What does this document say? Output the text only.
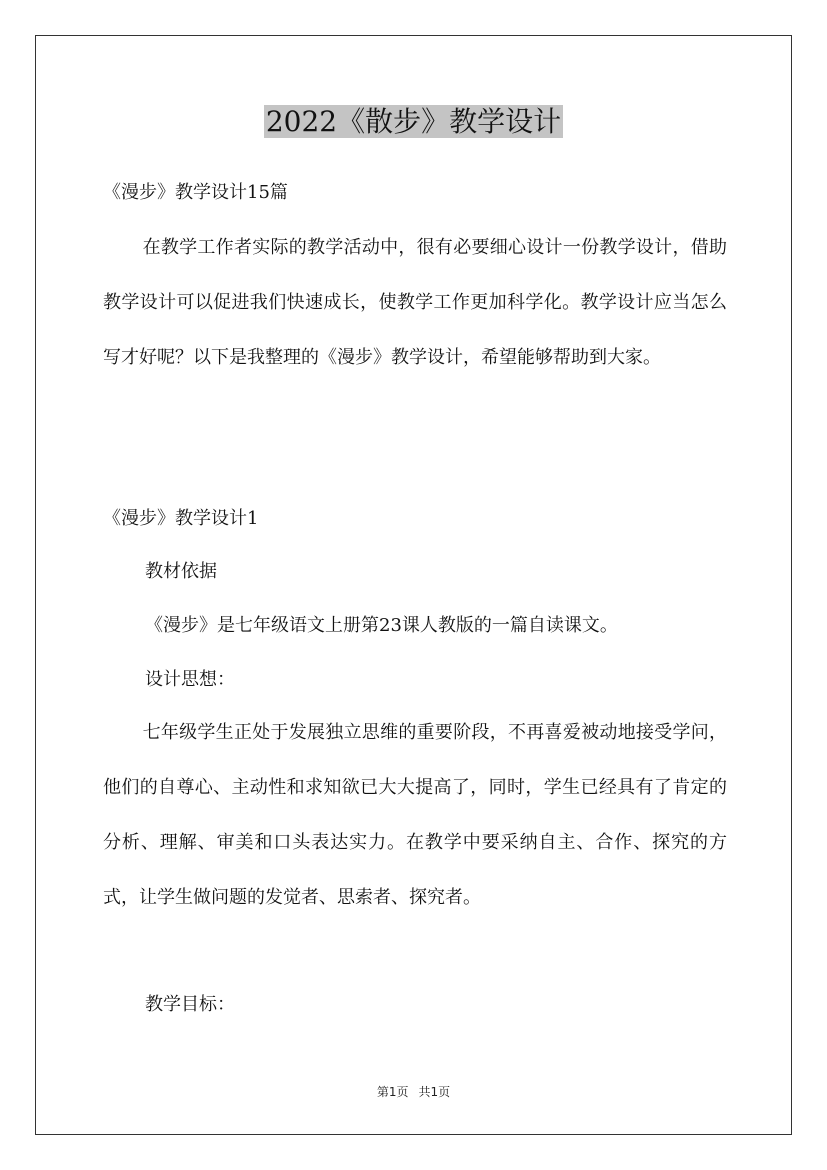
2022《散步》教学设计

《漫步》教学设计15篇

在教学工作者实际的教学活动中，很有必要细心设计一份教学设计，借助教学设计可以促进我们快速成长，使教学工作更加科学化。教学设计应当怎么写才好呢？以下是我整理的《漫步》教学设计，希望能够帮助到大家。

《漫步》教学设计1

教材依据

《漫步》是七年级语文上册第23课人教版的一篇自读课文。

设计思想：

七年级学生正处于发展独立思维的重要阶段，不再喜爱被动地接受学问，他们的自尊心、主动性和求知欲已大大提高了，同时，学生已经具有了肯定的分析、理解、审美和口头表达实力。在教学中要采纳自主、合作、探究的方式，让学生做问题的发觉者、思索者、探究者。

教学目标：

第1页 共1页
